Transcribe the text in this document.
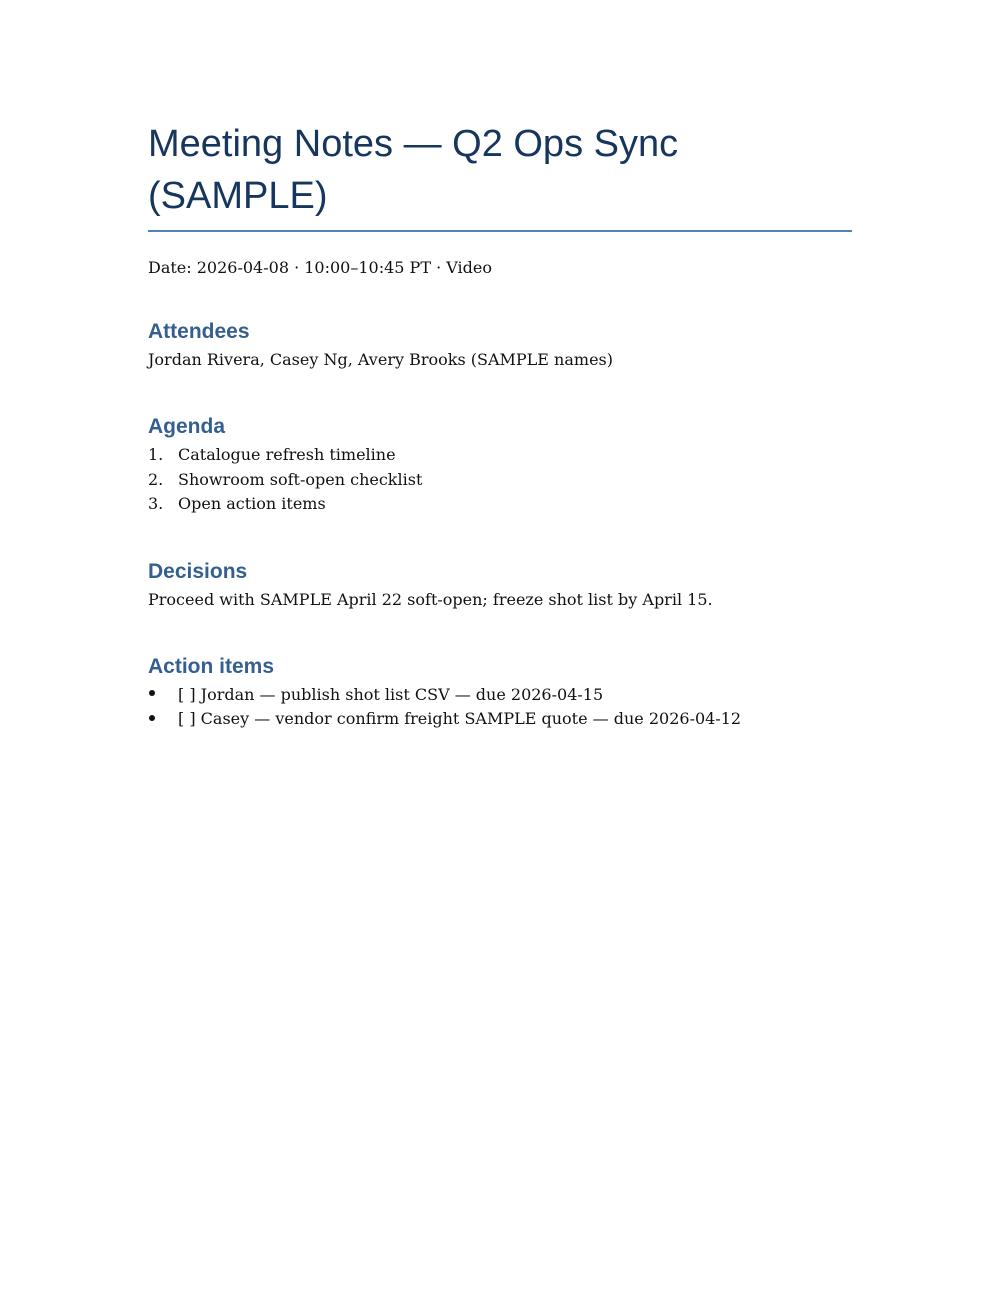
Meeting Notes — Q2 Ops Sync (SAMPLE)
Date: 2026-04-08 · 10:00–10:45 PT · Video
Attendees
Jordan Rivera, Casey Ng, Avery Brooks (SAMPLE names)
Agenda
1. Catalogue refresh timeline
2. Showroom soft-open checklist
3. Open action items
Decisions
Proceed with SAMPLE April 22 soft-open; freeze shot list by April 15.
Action items
[ ] Jordan — publish shot list CSV — due 2026-04-15
[ ] Casey — vendor confirm freight SAMPLE quote — due 2026-04-12
